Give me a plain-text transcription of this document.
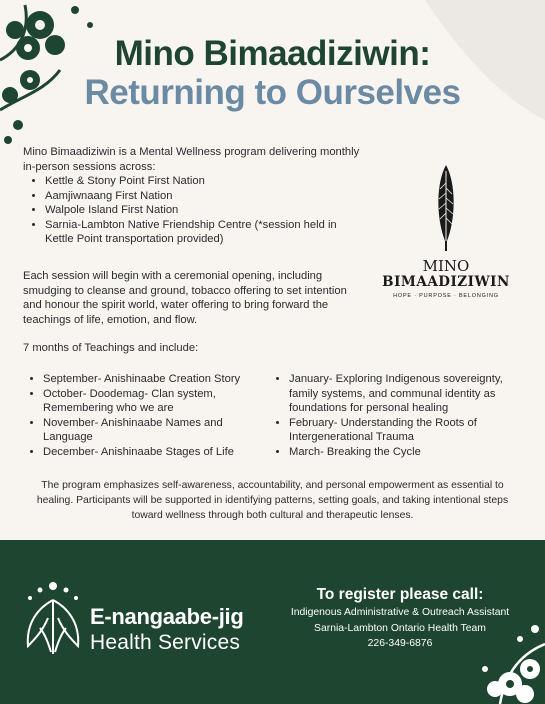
Mino Bimaadiziwin:
Returning to Ourselves
Mino Bimaadiziwin is a Mental Wellness program delivering monthly in-person sessions across:
• Kettle & Stony Point First Nation
• Aamjiwnaang First Nation
• Walpole Island First Nation
• Sarnia-Lambton Native Friendship Centre (*session held in Kettle Point transportation provided)
MINO
BIMAADIZIWIN
HOPE · PURPOSE · BELONGING
Each session will begin with a ceremonial opening, including smudging to cleanse and ground, tobacco offering to set intention and honour the spirit world, water offering to bring forward the teachings of life, emotion, and flow.
7 months of Teachings and include:
• September- Anishinaabe Creation Story
• October- Doodemag- Clan system, Remembering who we are
• November- Anishinaabe Names and Language
• December- Anishinaabe Stages of Life
• January- Exploring Indigenous sovereignty, family systems, and communal identity as foundations for personal healing
• February- Understanding the Roots of Intergenerational Trauma
• March- Breaking the Cycle
The program emphasizes self-awareness, accountability, and personal empowerment as essential to healing. Participants will be supported in identifying patterns, setting goals, and taking intentional steps toward wellness through both cultural and therapeutic lenses.
E-nangaabe-jig
Health Services
To register please call:
Indigenous Administrative & Outreach Assistant
Sarnia-Lambton Ontario Health Team
226-349-6876
